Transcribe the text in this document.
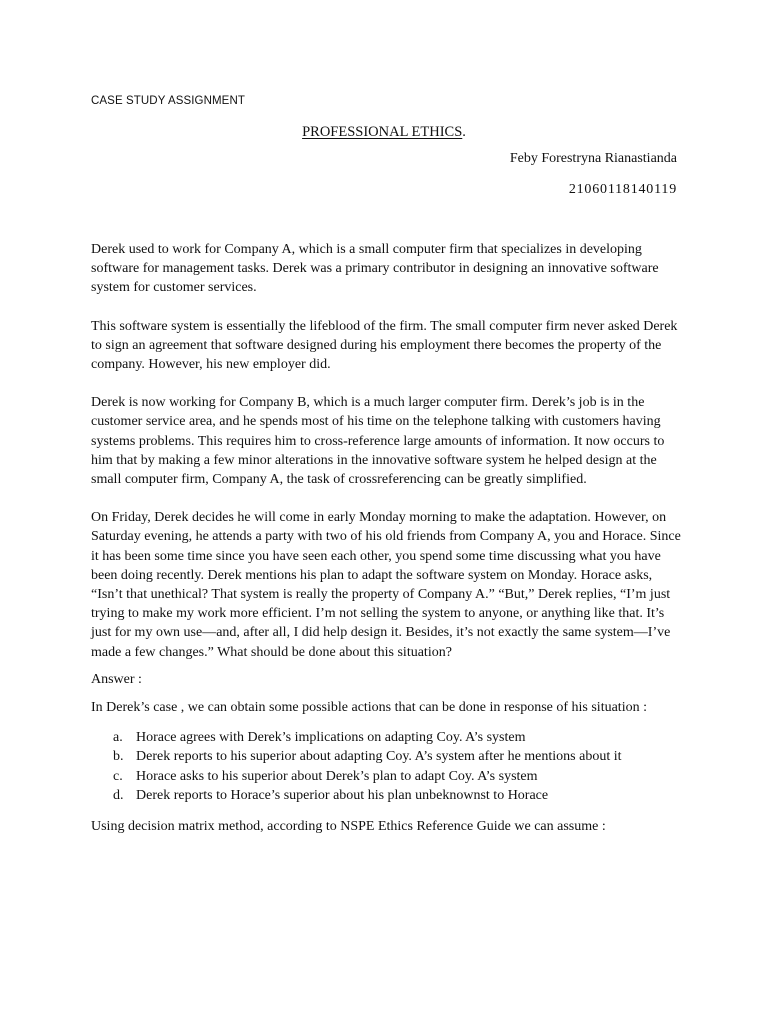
CASE STUDY ASSIGNMENT

PROFESSIONAL ETHICS.

Feby Forestryna Rianastianda

21060118140119

Derek used to work for Company A, which is a small computer firm that specializes in developing software for management tasks. Derek was a primary contributor in designing an innovative software system for customer services.

This software system is essentially the lifeblood of the firm. The small computer firm never asked Derek to sign an agreement that software designed during his employment there becomes the property of the company. However, his new employer did.

Derek is now working for Company B, which is a much larger computer firm. Derek’s job is in the customer service area, and he spends most of his time on the telephone talking with customers having systems problems. This requires him to cross-reference large amounts of information. It now occurs to him that by making a few minor alterations in the innovative software system he helped design at the small computer firm, Company A, the task of crossreferencing can be greatly simplified.

On Friday, Derek decides he will come in early Monday morning to make the adaptation. However, on Saturday evening, he attends a party with two of his old friends from Company A, you and Horace. Since it has been some time since you have seen each other, you spend some time discussing what you have been doing recently. Derek mentions his plan to adapt the software system on Monday. Horace asks, “Isn’t that unethical? That system is really the property of Company A.” “But,” Derek replies, “I’m just trying to make my work more efficient. I’m not selling the system to anyone, or anything like that. It’s just for my own use—and, after all, I did help design it. Besides, it’s not exactly the same system—I’ve made a few changes.” What should be done about this situation?

Answer :

In Derek’s case , we can obtain some possible actions that can be done in response of his situation :

a. Horace agrees with Derek’s implications on adapting Coy. A’s system
b. Derek reports to his superior about adapting Coy. A’s system after he mentions about it
c. Horace asks to his superior about Derek’s plan to adapt Coy. A’s system
d. Derek reports to Horace’s superior about his plan unbeknownst to Horace

Using decision matrix method, according to NSPE Ethics Reference Guide we can assume :
